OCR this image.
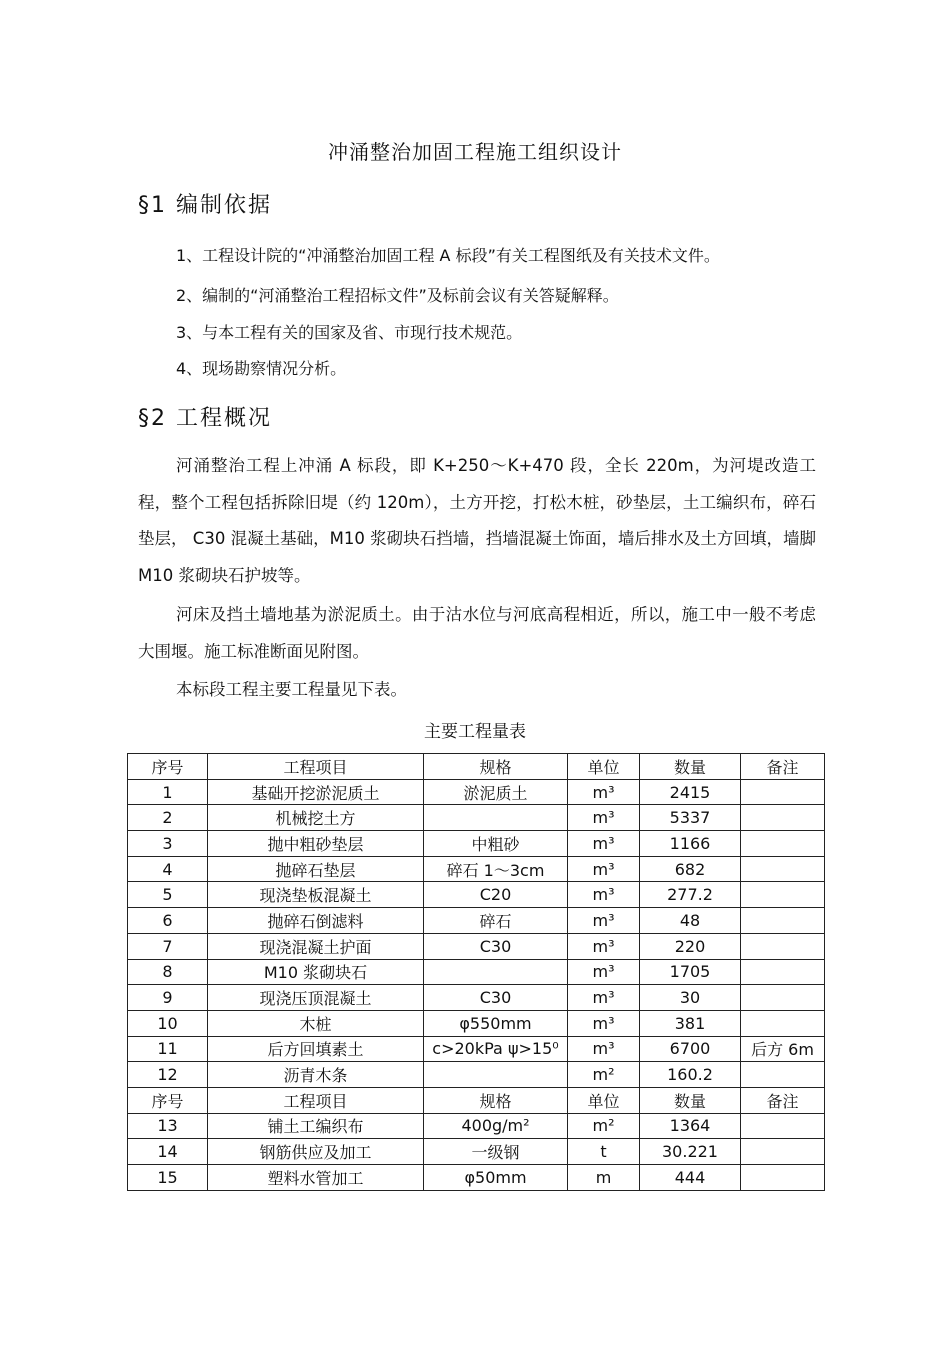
冲涌整治加固工程施工组织设计
§1 编制依据
1、工程设计院的“冲涌整治加固工程 A 标段”有关工程图纸及有关技术文件。
2、编制的“河涌整治工程招标文件”及标前会议有关答疑解释。
3、与本工程有关的国家及省、市现行技术规范。
4、现场勘察情况分析。
§2 工程概况

河涌整治工程上冲涌 A 标段，即 K+250～K+470 段，全长 220m，为河堤改造工程，整个工程包括拆除旧堤（约 120m），土方开挖，打松木桩，砂垫层，土工编织布，碎石垫层， C30 混凝土基础，M10 浆砌块石挡墙，挡墙混凝土饰面，墙后排水及土方回填，墙脚 M10 浆砌块石护坡等。

河床及挡土墙地基为淤泥质土。由于沽水位与河底高程相近，所以，施工中一般不考虑大围堰。施工标准断面见附图。

本标段工程主要工程量见下表。

主要工程量表
序号	工程项目	规格	单位	数量	备注
1	基础开挖淤泥质土	淤泥质土	m³	2415	
2	机械挖土方		m³	5337	
3	抛中粗砂垫层	中粗砂	m³	1166	
4	抛碎石垫层	碎石 1～3cm	m³	682	
5	现浇垫板混凝土	C20	m³	277.2	
6	抛碎石倒滤料	碎石	m³	48	
7	现浇混凝土护面	C30	m³	220	
8	M10 浆砌块石		m³	1705	
9	现浇压顶混凝土	C30	m³	30	
10	木桩	φ550mm	m³	381	
11	后方回填素土	c>20kPa ψ>15⁰	m³	6700	后方 6m
12	沥青木条		m²	160.2	
序号	工程项目	规格	单位	数量	备注
13	铺土工编织布	400g/m²	m²	1364	
14	钢筋供应及加工	一级钢	t	30.221	
15	塑料水管加工	φ50mm	m	444	
